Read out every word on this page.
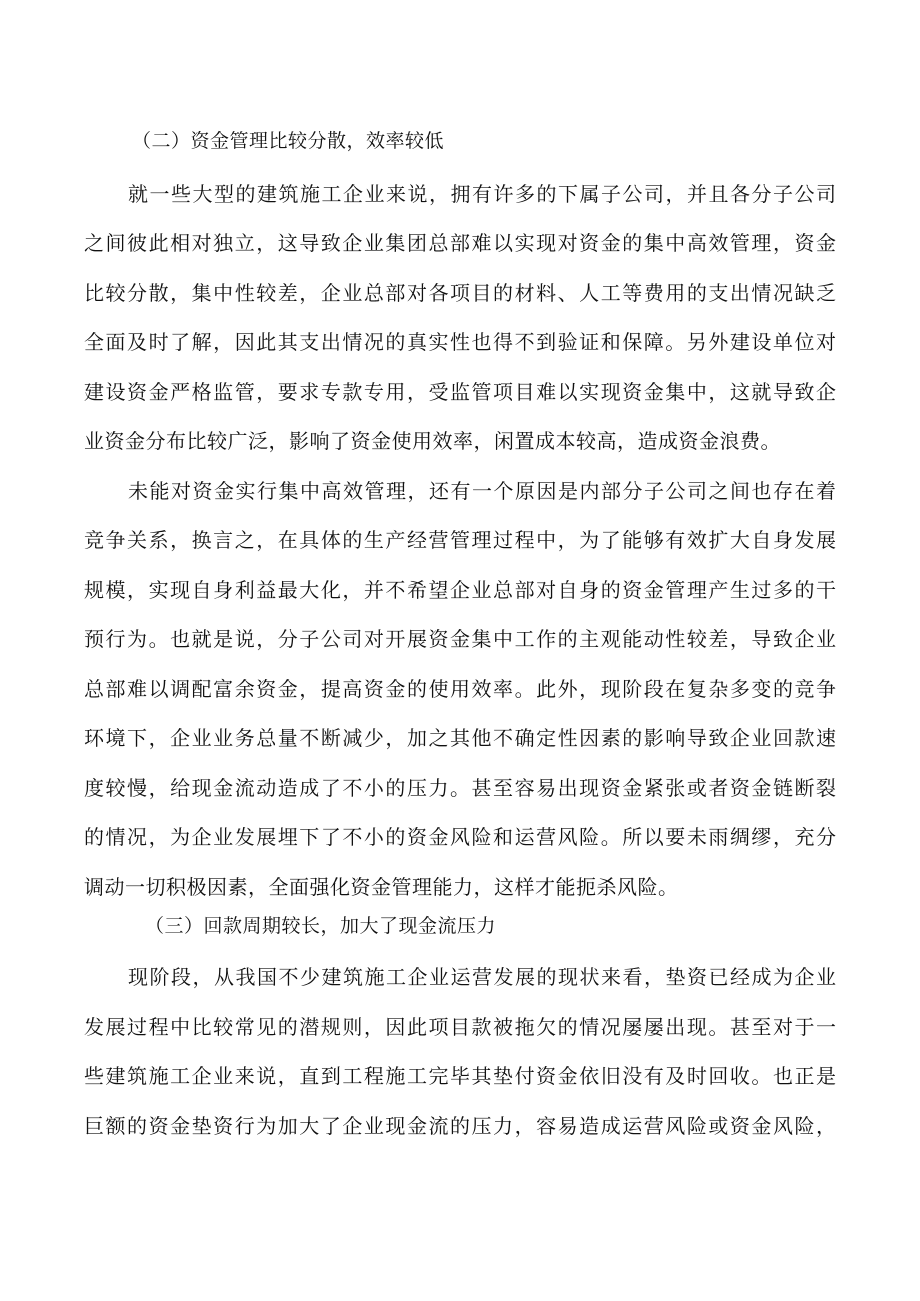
（二）资金管理比较分散，效率较低

就一些大型的建筑施工企业来说，拥有许多的下属子公司，并且各分子公司

之间彼此相对独立，这导致企业集团总部难以实现对资金的集中高效管理，资金

比较分散，集中性较差，企业总部对各项目的材料、人工等费用的支出情况缺乏

全面及时了解，因此其支出情况的真实性也得不到验证和保障。另外建设单位对

建设资金严格监管，要求专款专用，受监管项目难以实现资金集中，这就导致企

业资金分布比较广泛，影响了资金使用效率，闲置成本较高，造成资金浪费。

未能对资金实行集中高效管理，还有一个原因是内部分子公司之间也存在着

竞争关系，换言之，在具体的生产经营管理过程中，为了能够有效扩大自身发展

规模，实现自身利益最大化，并不希望企业总部对自身的资金管理产生过多的干

预行为。也就是说，分子公司对开展资金集中工作的主观能动性较差，导致企业

总部难以调配富余资金，提高资金的使用效率。此外，现阶段在复杂多变的竞争

环境下，企业业务总量不断减少，加之其他不确定性因素的影响导致企业回款速

度较慢，给现金流动造成了不小的压力。甚至容易出现资金紧张或者资金链断裂

的情况，为企业发展埋下了不小的资金风险和运营风险。所以要未雨绸缪，充分

调动一切积极因素，全面强化资金管理能力，这样才能扼杀风险。

（三）回款周期较长，加大了现金流压力

现阶段，从我国不少建筑施工企业运营发展的现状来看，垫资已经成为企业

发展过程中比较常见的潜规则，因此项目款被拖欠的情况屡屡出现。甚至对于一

些建筑施工企业来说，直到工程施工完毕其垫付资金依旧没有及时回收。也正是

巨额的资金垫资行为加大了企业现金流的压力，容易造成运营风险或资金风险，
